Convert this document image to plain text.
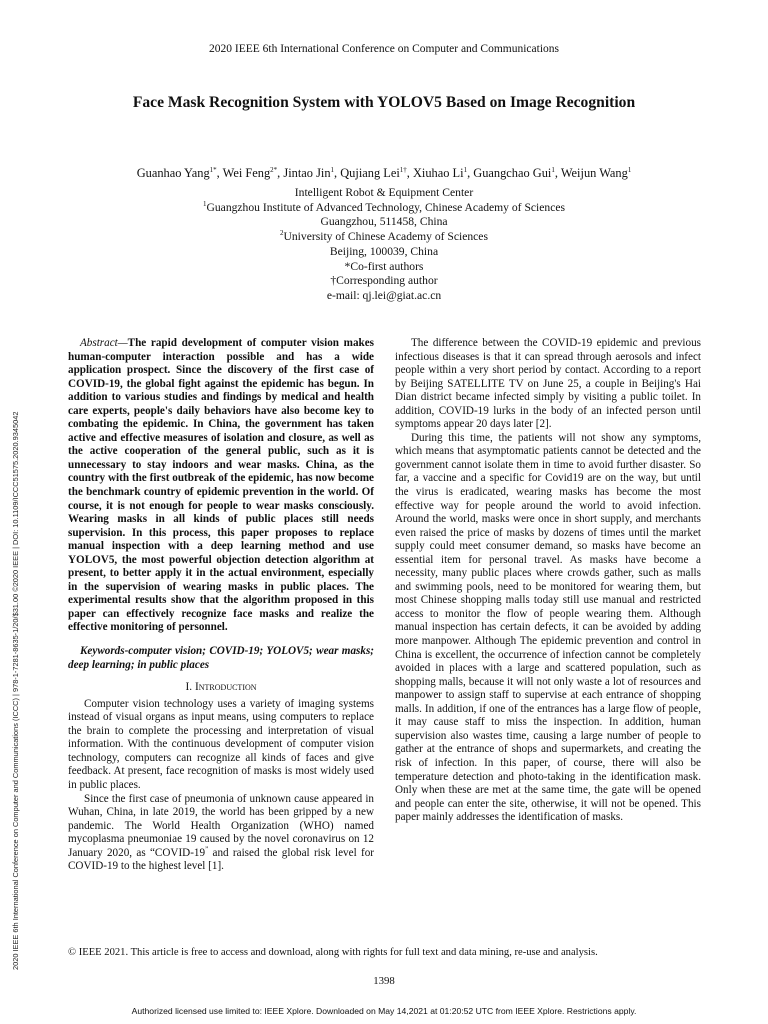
2020 IEEE 6th International Conference on Computer and Communications
Face Mask Recognition System with YOLOV5 Based on Image Recognition
Guanhao Yang$^{1*}$, Wei Feng$^{2*}$, Jintao Jin$^1$, Qujiang Lei$^{1\dagger}$, Xiuhao Li$^1$, Guangchao Gui$^1$, Weijun Wang$^1$
Intelligent Robot & Equipment Center
$^1$Guangzhou Institute of Advanced Technology, Chinese Academy of Sciences
Guangzhou, 511458, China
$^2$University of Chinese Academy of Sciences
Beijing, 100039, China
*Co-first authors
†Corresponding author
e-mail: qj.lei@giat.ac.cn
2020 IEEE 6th International Conference on Computer and Communications (ICCC) | 978-1-7281-8635-1/20/$31.00 ©2020 IEEE | DOI: 10.1109/ICCC51575.2020.9345042

Abstract—The rapid development of computer vision makes human-computer interaction possible and has a wide application prospect. Since the discovery of the first case of COVID-19, the global fight against the epidemic has begun. In addition to various studies and findings by medical and health care experts, people's daily behaviors have also become key to combating the epidemic. In China, the government has taken active and effective measures of isolation and closure, as well as the active cooperation of the general public, such as it is unnecessary to stay indoors and wear masks. China, as the country with the first outbreak of the epidemic, has now become the benchmark country of epidemic prevention in the world. Of course, it is not enough for people to wear masks consciously. Wearing masks in all kinds of public places still needs supervision. In this process, this paper proposes to replace manual inspection with a deep learning method and use YOLOV5, the most powerful objection detection algorithm at present, to better apply it in the actual environment, especially in the supervision of wearing masks in public places. The experimental results show that the algorithm proposed in this paper can effectively recognize face masks and realize the effective monitoring of personnel.

Keywords-computer vision; COVID-19; YOLOV5; wear masks; deep learning; in public places

I. Introduction

Computer vision technology uses a variety of imaging systems instead of visual organs as input means, using computers to replace the brain to complete the processing and interpretation of visual information. With the continuous development of computer vision technology, computers can recognize all kinds of faces and give feedback. At present, face recognition of masks is most widely used in public places.

Since the first case of pneumonia of unknown cause appeared in Wuhan, China, in late 2019, the world has been gripped by a new pandemic. The World Health Organization (WHO) named mycoplasma pneumoniae 19 caused by the novel coronavirus on 12 January 2020, as “COVID-19” and raised the global risk level for COVID-19 to the highest level [1].

The difference between the COVID-19 epidemic and previous infectious diseases is that it can spread through aerosols and infect people within a very short period by contact. According to a report by Beijing SATELLITE TV on June 25, a couple in Beijing's Hai Dian district became infected simply by visiting a public toilet. In addition, COVID-19 lurks in the body of an infected person until symptoms appear 20 days later [2].

During this time, the patients will not show any symptoms, which means that asymptomatic patients cannot be detected and the government cannot isolate them in time to avoid further disaster. So far, a vaccine and a specific for Covid19 are on the way, but until the virus is eradicated, wearing masks has become the most effective way for people around the world to avoid infection. Around the world, masks were once in short supply, and merchants even raised the price of masks by dozens of times until the market supply could meet consumer demand, so masks have become an essential item for personal travel. As masks have become a necessity, many public places where crowds gather, such as malls and swimming pools, need to be monitored for wearing them, but most Chinese shopping malls today still use manual and restricted access to monitor the flow of people wearing them. Although manual inspection has certain defects, it can be avoided by adding more manpower. Although The epidemic prevention and control in China is excellent, the occurrence of infection cannot be completely avoided in places with a large and scattered population, such as shopping malls, because it will not only waste a lot of resources and manpower to assign staff to supervise at each entrance of shopping malls. In addition, if one of the entrances has a large flow of people, it may cause staff to miss the inspection. In addition, human supervision also wastes time, causing a large number of people to gather at the entrance of shops and supermarkets, and creating the risk of infection. In this paper, of course, there will also be temperature detection and photo-taking in the identification mask. Only when these are met at the same time, the gate will be opened and people can enter the site, otherwise, it will not be opened. This paper mainly addresses the identification of masks.

© IEEE 2021. This article is free to access and download, along with rights for full text and data mining, re-use and analysis.
1398
Authorized licensed use limited to: IEEE Xplore. Downloaded on May 14,2021 at 01:20:52 UTC from IEEE Xplore. Restrictions apply.
